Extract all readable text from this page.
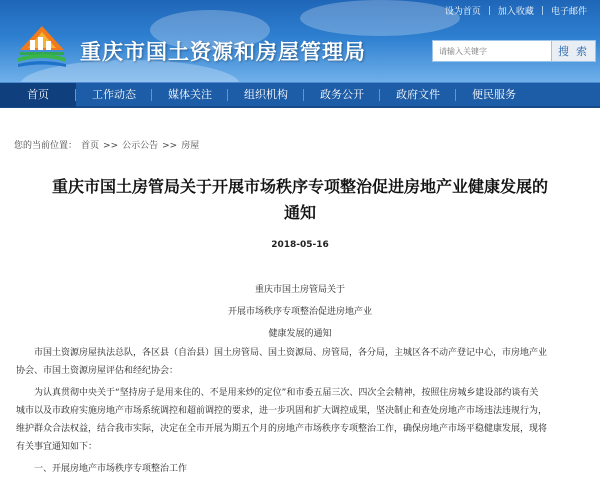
设为首页 | 加入收藏 | 电子邮件
重庆市国土资源和房屋管理局
请输入关键字	搜 索
首页	工作动态	媒体关注	组织机构	政务公开	政府文件	便民服务
您的当前位置： 首页 >> 公示公告 >> 房屋
重庆市国土房管局关于开展市场秩序专项整治促进房地产业健康发展的
通知
2018-05-16
重庆市国土房管局关于
开展市场秩序专项整治促进房地产业
健康发展的通知
市国土资源房屋执法总队，各区县（自治县）国土房管局、国土资源局、房管局，各分局，主城区各不动产登记中心，市房地产业
协会、市国土资源房屋评估和经纪协会：
为认真贯彻中央关于“坚持房子是用来住的、不是用来炒的定位”和市委五届三次、四次全会精神，按照住房城乡建设部约谈有关
城市以及市政府实施房地产市场系统调控和超前调控的要求，进一步巩固和扩大调控成果，坚决制止和查处房地产市场违法违规行为，
维护群众合法权益，结合我市实际，决定在全市开展为期五个月的房地产市场秩序专项整治工作，确保房地产市场平稳健康发展，现将
有关事宜通知如下：
一、开展房地产市场秩序专项整治工作
